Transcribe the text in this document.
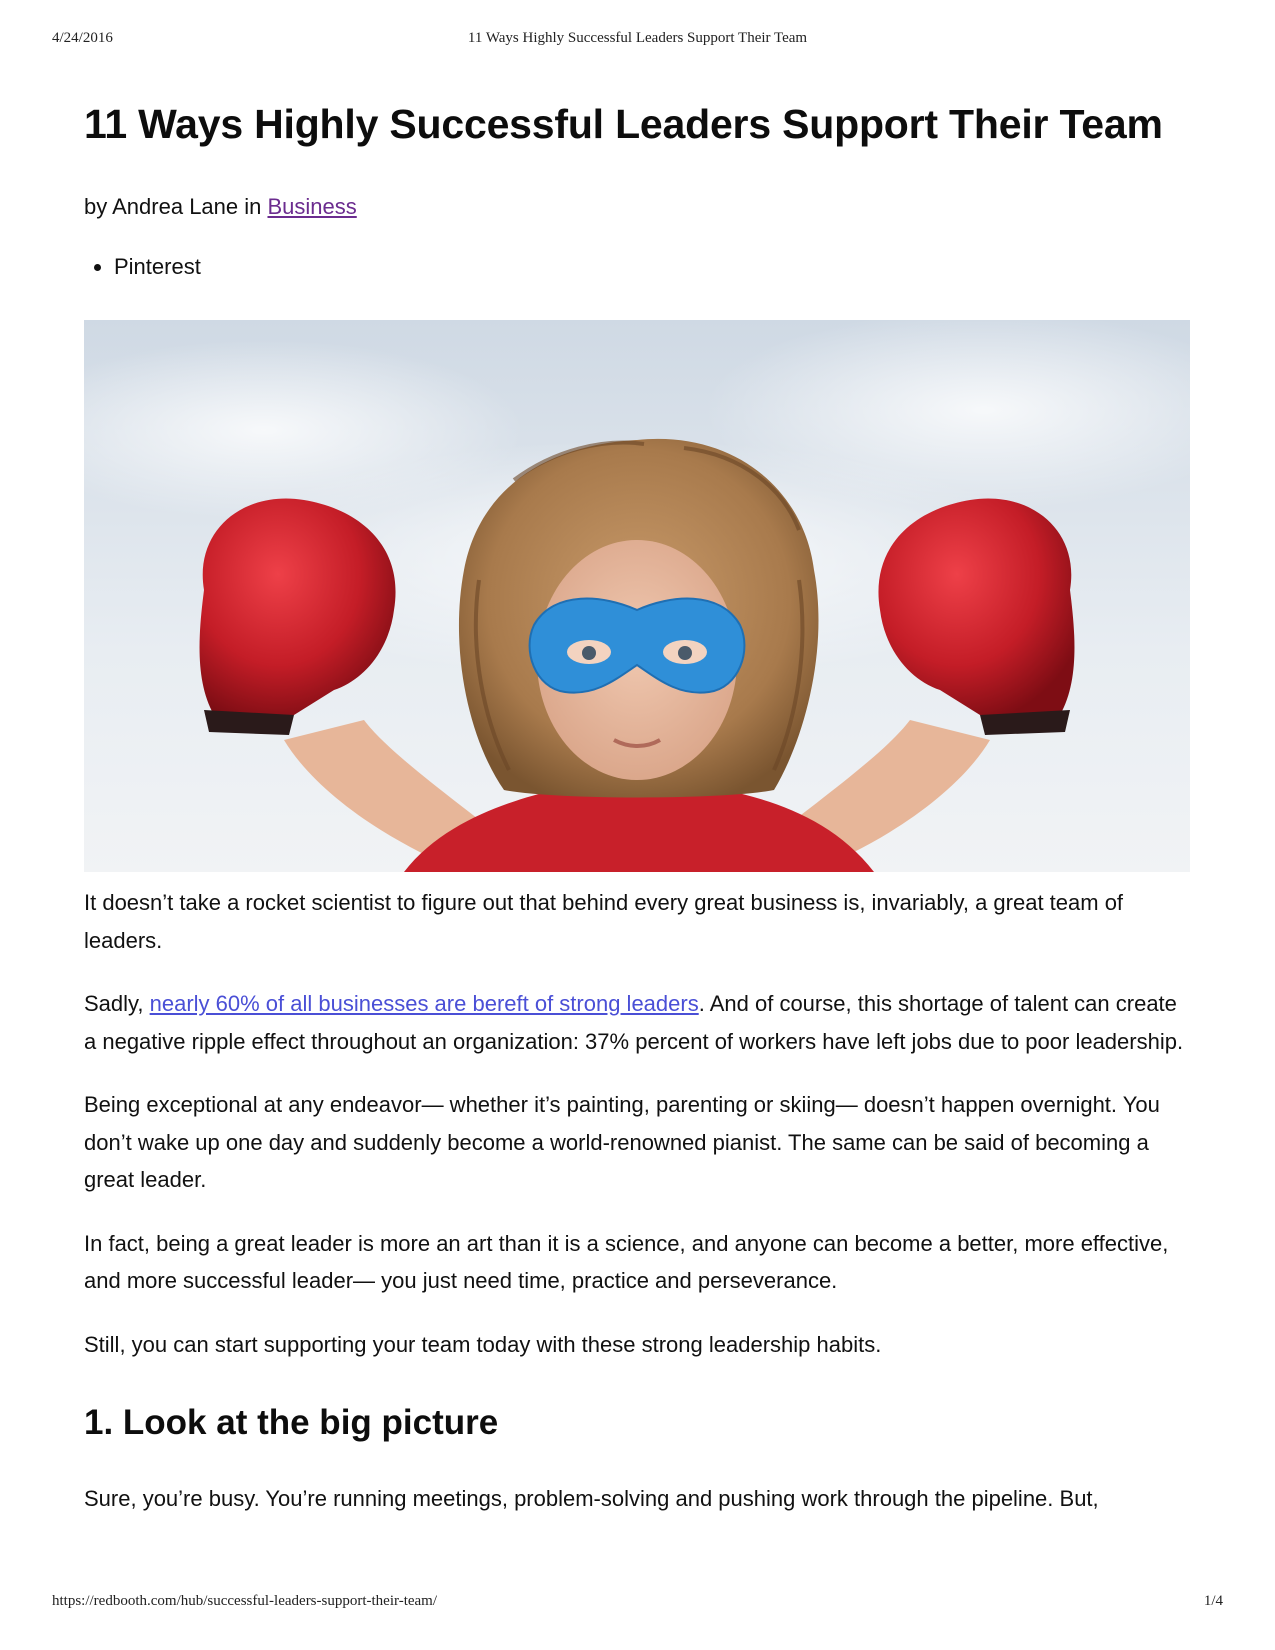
4/24/2016	11 Ways Highly Successful Leaders Support Their Team
11 Ways Highly Successful Leaders Support Their Team
by Andrea Lane in Business
• Pinterest

It doesn’t take a rocket scientist to figure out that behind every great business is, invariably, a great team of leaders.

Sadly, nearly 60% of all businesses are bereft of strong leaders. And of course, this shortage of talent can create a negative ripple effect throughout an organization: 37% percent of workers have left jobs due to poor leadership.

Being exceptional at any endeavor— whether it’s painting, parenting or skiing— doesn’t happen overnight. You don’t wake up one day and suddenly become a world-renowned pianist. The same can be said of becoming a great leader.

In fact, being a great leader is more an art than it is a science, and anyone can become a better, more effective, and more successful leader— you just need time, practice and perseverance.

Still, you can start supporting your team today with these strong leadership habits.

1. Look at the big picture

Sure, you’re busy. You’re running meetings, problem-solving and pushing work through the pipeline. But,

https://redbooth.com/hub/successful-leaders-support-their-team/	1/4
